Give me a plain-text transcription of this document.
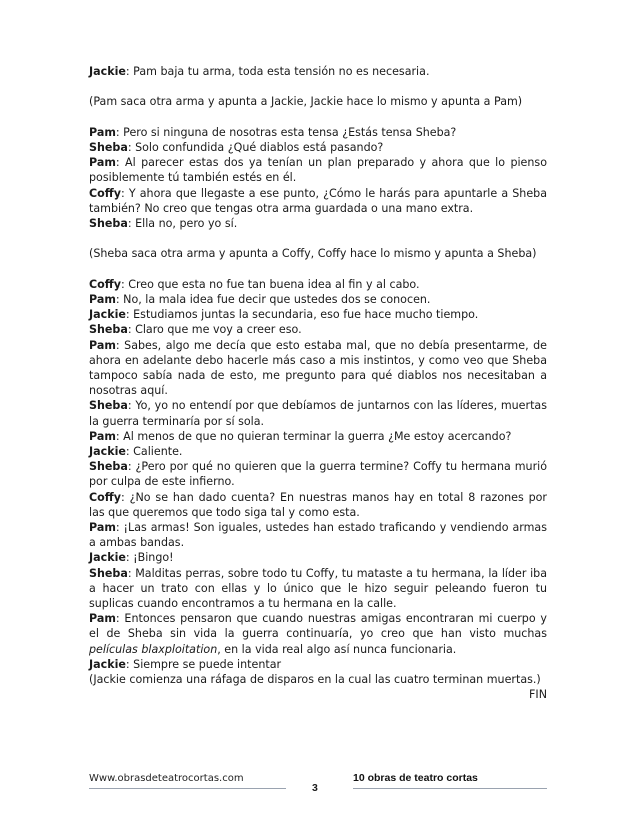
Jackie: Pam baja tu arma, toda esta tensión no es necesaria.

(Pam saca otra arma y apunta a Jackie, Jackie hace lo mismo y apunta a Pam)

Pam: Pero si ninguna de nosotras esta tensa ¿Estás tensa Sheba?

Sheba: Solo confundida ¿Qué diablos está pasando?

Pam: Al parecer estas dos ya tenían un plan preparado y ahora que lo pienso posiblemente tú también estés en él.

Coffy: Y ahora que llegaste a ese punto, ¿Cómo le harás para apuntarle a Sheba también? No creo que tengas otra arma guardada o una mano extra.

Sheba: Ella no, pero yo sí.

(Sheba saca otra arma y apunta a Coffy, Coffy hace lo mismo y apunta a Sheba)

Coffy: Creo que esta no fue tan buena idea al fin y al cabo.

Pam: No, la mala idea fue decir que ustedes dos se conocen.

Jackie: Estudiamos juntas la secundaria, eso fue hace mucho tiempo.

Sheba: Claro que me voy a creer eso.

Pam: Sabes, algo me decía que esto estaba mal, que no debía presentarme, de ahora en adelante debo hacerle más caso a mis instintos, y como veo que Sheba tampoco sabía nada de esto, me pregunto para qué diablos nos necesitaban a nosotras aquí.

Sheba: Yo, yo no entendí por que debíamos de juntarnos con las líderes, muertas la guerra terminaría por sí sola.

Pam: Al menos de que no quieran terminar la guerra ¿Me estoy acercando?

Jackie: Caliente.

Sheba: ¿Pero por qué no quieren que la guerra termine? Coffy tu hermana murió por culpa de este infierno.

Coffy: ¿No se han dado cuenta? En nuestras manos hay en total 8 razones por las que queremos que todo siga tal y como esta.

Pam: ¡Las armas! Son iguales, ustedes han estado traficando y vendiendo armas a ambas bandas.

Jackie: ¡Bingo!

Sheba: Malditas perras, sobre todo tu Coffy, tu mataste a tu hermana, la líder iba a hacer un trato con ellas y lo único que le hizo seguir peleando fueron tu suplicas cuando encontramos a tu hermana en la calle.

Pam: Entonces pensaron que cuando nuestras amigas encontraran mi cuerpo y el de Sheba sin vida la guerra continuaría, yo creo que han visto muchas películas blaxploitation, en la vida real algo así nunca funcionaria.

Jackie: Siempre se puede intentar

(Jackie comienza una ráfaga de disparos en la cual las cuatro terminan muertas.)

FIN

Www.obrasdeteatrocortas.com
3
10 obras de teatro cortas
